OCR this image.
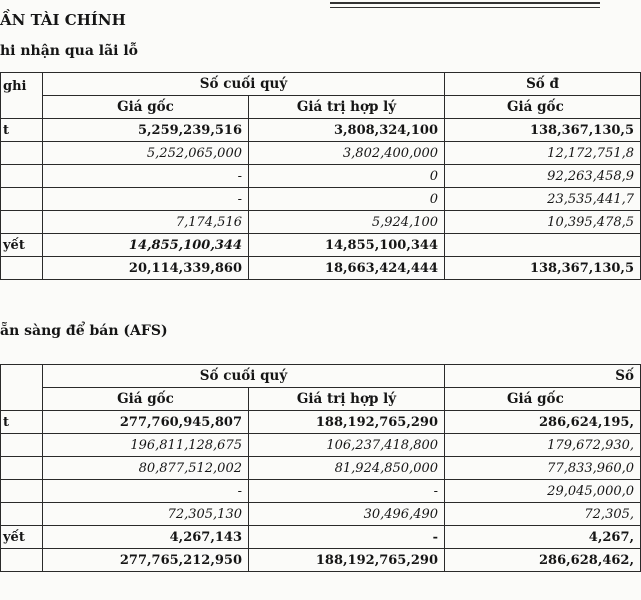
ẦN TÀI CHÍNH
hi nhận qua lãi lỗ
ghi	Số cuối quý		Số đ
	Giá gốc	Giá trị hợp lý	Giá gốc
t	5,259,239,516	3,808,324,100	138,367,130,5
	5,252,065,000	3,802,400,000	12,172,751,8
	-	0	92,263,458,9
	-	0	23,535,441,7
	7,174,516	5,924,100	10,395,478,5
yết	14,855,100,344	14,855,100,344	
	20,114,339,860	18,663,424,444	138,367,130,5
ẵn sàng để bán (AFS)
	Số cuối quý		Số
	Giá gốc	Giá trị hợp lý	Giá gốc
t	277,760,945,807	188,192,765,290	286,624,195,
	196,811,128,675	106,237,418,800	179,672,930,
	80,877,512,002	81,924,850,000	77,833,960,0
	-	-	29,045,000,0
	72,305,130	30,496,490	72,305,
yết	4,267,143	-	4,267,
	277,765,212,950	188,192,765,290	286,628,462,
